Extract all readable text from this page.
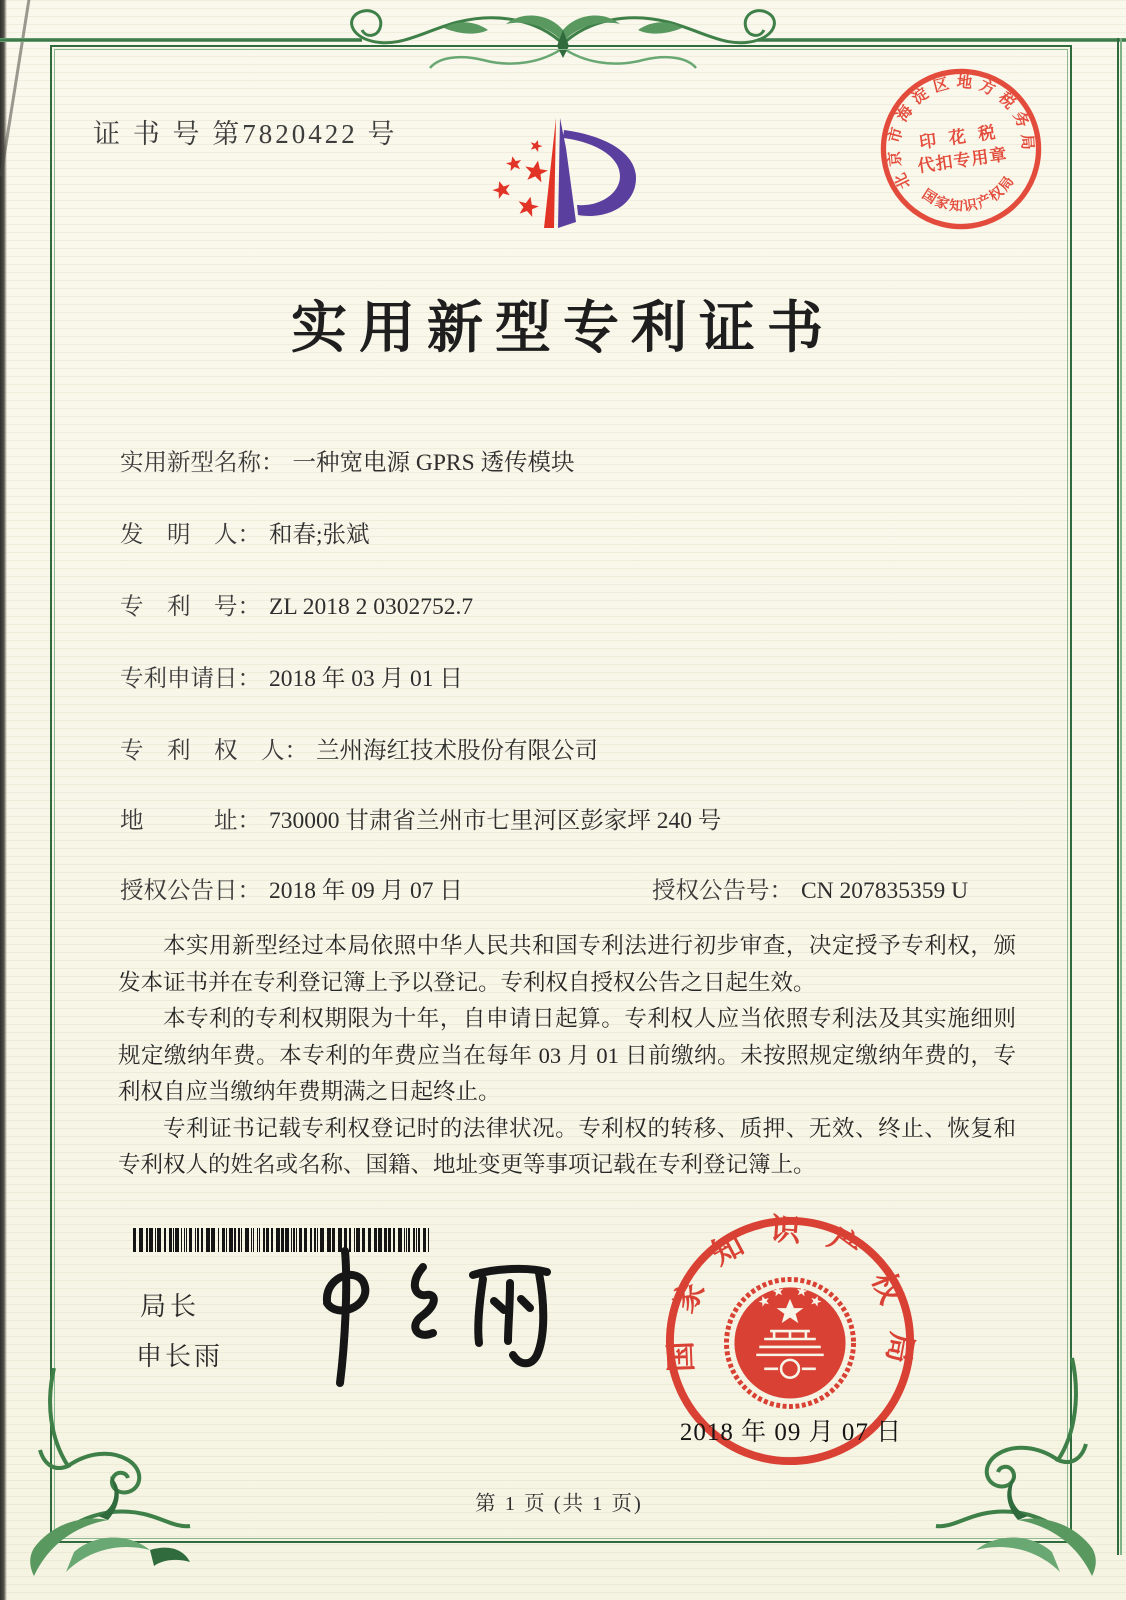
证 书 号 第7820422 号
实用新型专利证书
北京市海淀区地方税务局
国家知识产权局
印 花 税
代扣专用章
实用新型名称： 一种宽电源 GPRS 透传模块
发　明　人： 和春;张斌
专　利　号： ZL 2018 2 0302752.7
专利申请日： 2018 年 03 月 01 日
专　利　权　人： 兰州海红技术股份有限公司
地　　　址： 730000 甘肃省兰州市七里河区彭家坪 240 号
授权公告日： 2018 年 09 月 07 日	授权公告号： CN 207835359 U

本实用新型经过本局依照中华人民共和国专利法进行初步审查，决定授予专利权，颁发本证书并在专利登记簿上予以登记。专利权自授权公告之日起生效。

本专利的专利权期限为十年，自申请日起算。专利权人应当依照专利法及其实施细则规定缴纳年费。本专利的年费应当在每年 03 月 01 日前缴纳。未按照规定缴纳年费的，专利权自应当缴纳年费期满之日起终止。

专利证书记载专利权登记时的法律状况。专利权的转移、质押、无效、终止、恢复和专利权人的姓名或名称、国籍、地址变更等事项记载在专利登记簿上。

局长
申长雨	国家知识产权局
2018 年 09 月 07 日
第 1 页 (共 1 页)
